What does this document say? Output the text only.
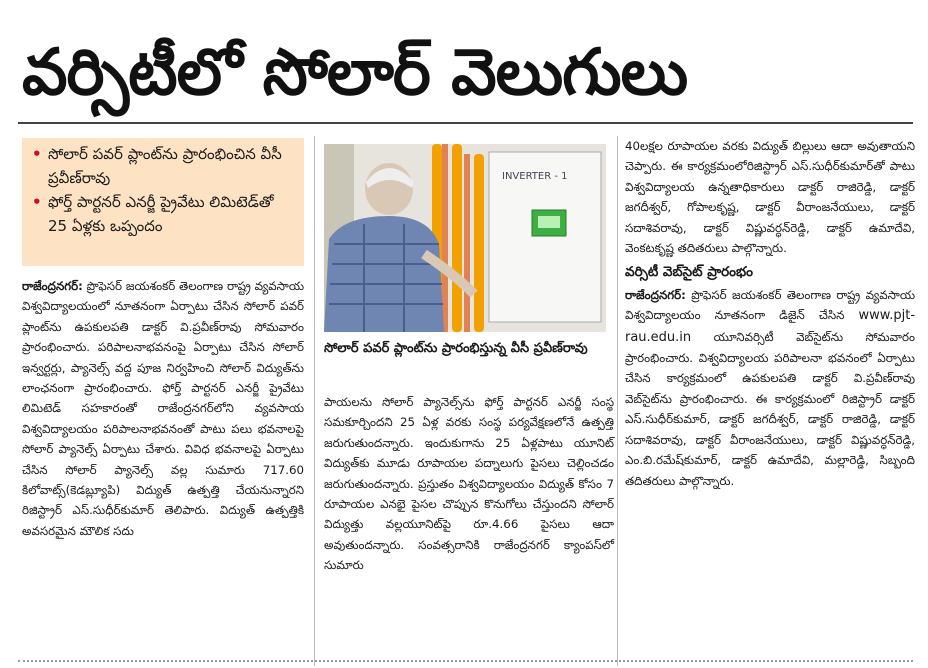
వర్సిటీలో సోలార్ వెలుగులు
• సోలార్ పవర్ ప్లాంట్‌ను ప్రారంభించిన వీసీ ప్రవీణ్‌రావు
• ఫోర్త్ పార్టనర్ ఎనర్జీ ప్రైవేటు లిమిటెడ్‌తో 25 ఏళ్లకు ఒప్పందం

రాజేంద్రనగర్: ప్రొఫెసర్ జయశంకర్ తెలంగాణ రాష్ట్ర వ్యవసాయ విశ్వవిద్యాలయంలో నూతనంగా ఏర్పాటు చేసిన సోలార్ పవర్ ప్లాంట్‌ను ఉపకులపతి డాక్టర్ వి.ప్రవీణ్‌రావు సోమవారం ప్రారంభించారు. పరిపాలనాభవనంపై ఏర్పాటు చేసిన సోలార్ ఇన్వర్టర్లు, ప్యానెల్స్ వద్ద పూజ నిర్వహించి సోలార్ విద్యుత్‌ను లాంఛనంగా ప్రారంభించారు. ఫోర్త్ పార్టనర్ ఎనర్జీ ప్రైవేటు లిమిటెడ్ సహకారంతో రాజేంద్రనగర్‌లోని వ్యవసాయ విశ్వవిద్యాలయం పరిపాలనాభవనంతో పాటు పలు భవనాలపై సోలార్ ప్యానెల్స్ ఏర్పాటు చేశారు. వివిధ భవనాలపై ఏర్పాటు చేసిన సోలార్ ప్యానెల్స్ వల్ల సుమారు 717.60 కిలోవాట్స్(కెడబ్ల్యూపి) విద్యుత్ ఉత్పత్తి చేయనున్నారని రిజిస్ట్రార్ ఎస్.సుధీర్‌కుమార్ తెలిపారు. విద్యుత్ ఉత్పత్తికి అవసరమైన మౌలిక సదు

INVERTER - 1
సోలార్ పవర్ ప్లాంట్‌ను ప్రారంభిస్తున్న వీసీ ప్రవీణ్‌రావు

పాయలను సోలార్ ప్యానెల్స్‌ను ఫోర్త్ పార్టనర్ ఎనర్జీ సంస్థ సమకూర్చిందని 25 ఏళ్ల వరకు సంస్థ పర్యవేక్షణలోనే ఉత్పత్తి జరుగుతుందన్నారు. ఇందుకుగాను 25 ఏళ్లపాటు యూనిట్ విద్యుత్‌కు మూడు రూపాయల పద్నాలుగు పైసలు చెల్లించడం జరుగుతుందన్నారు. ప్రస్తుతం విశ్వవిద్యాలయం విద్యుత్ కోసం 7 రూపాయల ఎనభై పైసల చొప్పున కొనుగోలు చేస్తుందని సోలార్ విద్యుత్తు వల్లయూనిట్‌పై రూ.4.66 పైసలు ఆదా అవుతుందన్నారు. సంవత్సరానికి రాజేంద్రనగర్ క్యాంపస్‌లో సుమారు

40లక్షల రూపాయల వరకు విద్యుత్ బిల్లులు ఆదా అవుతాయని చెప్పారు. ఈ కార్యక్రమంలోరిజిస్ట్రార్ ఎస్.సుధీర్‌కుమార్‌తో పాటు విశ్వవిద్యాలయ ఉన్నతాధికారులు డాక్టర్ రాజిరెడ్డి, డాక్టర్ జగదీశ్వర్, గోపాలకృష్ణ, డాక్టర్ వీరాంజనేయులు, డాక్టర్ సదాశివరావు, డాక్టర్ విష్ణువర్ధన్‌రెడ్డి, డాక్టర్ ఉమాదేవి, వెంకటకృష్ణ తదితరులు పాల్గొన్నారు.

వర్సిటీ వెబ్‌సైట్ ప్రారంభం

రాజేంద్రనగర్: ప్రొఫెసర్ జయశంకర్ తెలంగాణ రాష్ట్ర వ్యవసాయ విశ్వవిద్యాలయం నూతనంగా డిజైన్ చేసిన www.pjt-rau.edu.in యూనివర్సిటీ వెబ్‌సైట్‌ను సోమవారం ప్రారంభించారు. విశ్వవిద్యాలయ పరిపాలనా భవనంలో ఏర్పాటు చేసిన కార్యక్రమంలో ఉపకులపతి డాక్టర్ వి.ప్రవీణ్‌రావు వెబ్‌సైట్‌ను ప్రారంభించారు. ఈ కార్యక్రమంలో రిజిస్ట్రార్ డాక్టర్ ఎస్.సుధీర్‌కుమార్, డాక్టర్ జగదీశ్వర్, డాక్టర్ రాజిరెడ్డి, డాక్టర్ సదాశివరావు, డాక్టర్ వీరాంజనేయులు, డాక్టర్ విష్ణువర్ధన్‌రెడ్డి, ఎం.బి.రమేష్‌కుమార్, డాక్టర్ ఉమాదేవి, మల్లారెడ్డి, సిబ్బంది తదితరులు పాల్గొన్నారు.
